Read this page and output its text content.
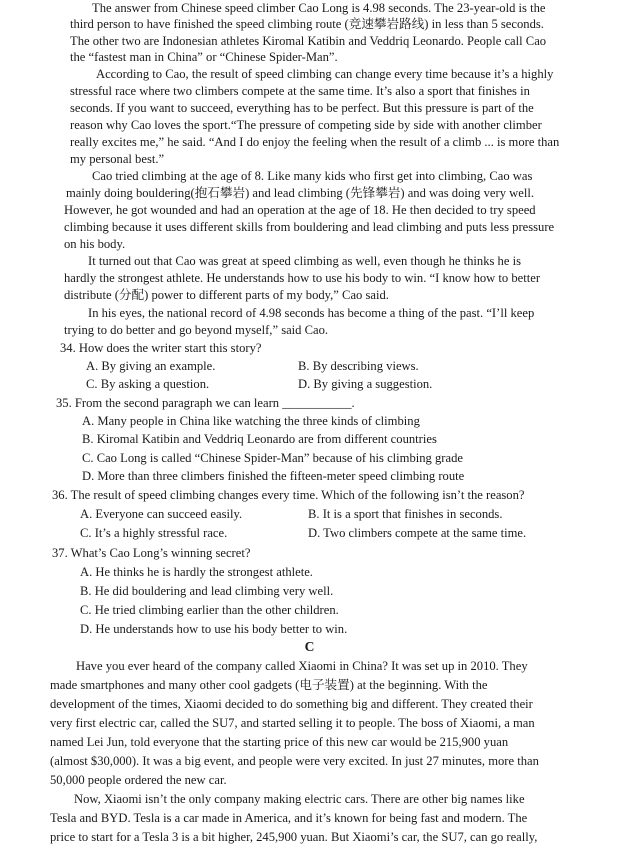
The answer from Chinese speed climber Cao Long is 4.98 seconds. The 23-year-old is the
third person to have finished the speed climbing route (竞速攀岩路线) in less than 5 seconds.
The other two are Indonesian athletes Kiromal Katibin and Veddriq Leonardo. People call Cao
the “fastest man in China” or “Chinese Spider-Man”.
According to Cao, the result of speed climbing can change every time because it’s a highly
stressful race where two climbers compete at the same time. It’s also a sport that finishes in
seconds. If you want to succeed, everything has to be perfect. But this pressure is part of the
reason why Cao loves the sport.“The pressure of competing side by side with another climber
really excites me,” he said. “And I do enjoy the feeling when the result of a climb ... is more than
my personal best.”
Cao tried climbing at the age of 8. Like many kids who first get into climbing, Cao was
mainly doing bouldering(抱石攀岩) and lead climbing (先锋攀岩) and was doing very well.
However, he got wounded and had an operation at the age of 18. He then decided to try speed
climbing because it uses different skills from bouldering and lead climbing and puts less pressure
on his body.
It turned out that Cao was great at speed climbing as well, even though he thinks he is
hardly the strongest athlete. He understands how to use his body to win. “I know how to better
distribute (分配) power to different parts of my body,” Cao said.
In his eyes, the national record of 4.98 seconds has become a thing of the past. “I’ll keep
trying to do better and go beyond myself,” said Cao.
34. How does the writer start this story?
A. By giving an example.	B. By describing views.
C. By asking a question.	D. By giving a suggestion.
35. From the second paragraph we can learn ___________.
A. Many people in China like watching the three kinds of climbing
B. Kiromal Katibin and Veddriq Leonardo are from different countries
C. Cao Long is called “Chinese Spider-Man” because of his climbing grade
D. More than three climbers finished the fifteen-meter speed climbing route
36. The result of speed climbing changes every time. Which of the following isn’t the reason?
A. Everyone can succeed easily.	B. It is a sport that finishes in seconds.
C. It’s a highly stressful race.	D. Two climbers compete at the same time.
37. What’s Cao Long’s winning secret?
A. He thinks he is hardly the strongest athlete.
B. He did bouldering and lead climbing very well.
C. He tried climbing earlier than the other children.
D. He understands how to use his body better to win.
C
Have you ever heard of the company called Xiaomi in China? It was set up in 2010. They
made smartphones and many other cool gadgets (电子装置) at the beginning. With the
development of the times, Xiaomi decided to do something big and different. They created their
very first electric car, called the SU7, and started selling it to people. The boss of Xiaomi, a man
named Lei Jun, told everyone that the starting price of this new car would be 215,900 yuan
(almost $30,000). It was a big event, and people were very excited. In just 27 minutes, more than
50,000 people ordered the new car.
Now, Xiaomi isn’t the only company making electric cars. There are other big names like
Tesla and BYD. Tesla is a car made in America, and it’s known for being fast and modern. The
price to start for a Tesla 3 is a bit higher, 245,900 yuan. But Xiaomi’s car, the SU7, can go really,
